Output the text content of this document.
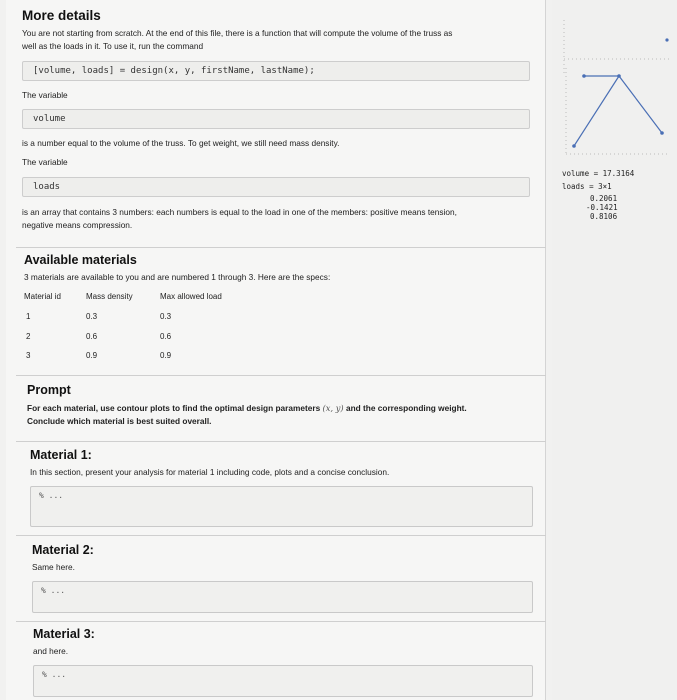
More details
You are not starting from scratch. At the end of this file, there is a function that will compute the volume of the truss as
well as the loads in it. To use it, run the command
[volume, loads] = design(x, y, firstName, lastName);
The variable
volume
is a number equal to the volume of the truss. To get weight, we still need mass density.
The variable
loads
is an array that contains 3 numbers: each numbers is equal to the load in one of the members: positive means tension,
negative means compression.
Available materials
3 materials are available to you and are numbered 1 through 3. Here are the specs:
Material id	Mass density	Max allowed load
1	0.3	0.3
2	0.6	0.6
3	0.9	0.9
Prompt
For each material, use contour plots to find the optimal design parameters (x, y) and the corresponding weight.
Conclude which material is best suited overall.
Material 1:
In this section, present your analysis for material 1 including code, plots and a concise conclusion.
% ...
Material 2:
Same here.
% ...
Material 3:
and here.
% ...
volume = 17.3164
loads = 3×1
0.2061
-0.1421
0.8106
